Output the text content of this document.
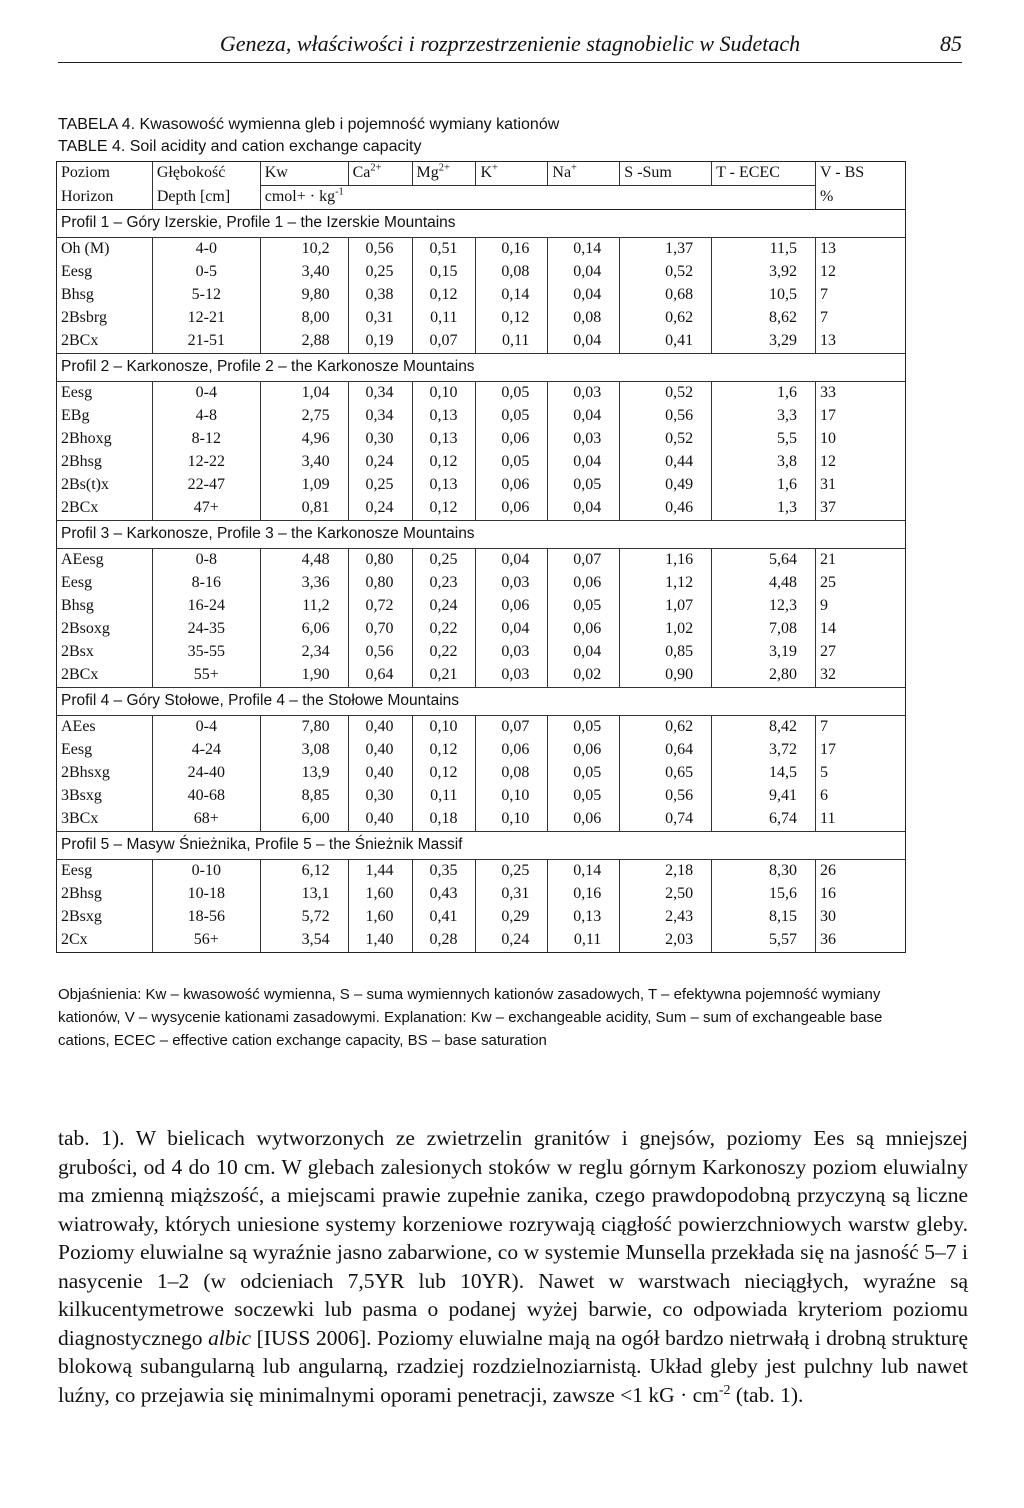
Geneza, właściwości i rozprzestrzenienie stagnobielic w Sudetach	85
TABELA 4. Kwasowość wymienna gleb i pojemność wymiany kationów
TABLE 4. Soil acidity and cation exchange capacity
Poziom	Głębokość	Kw	$Ca^{2+}$	$Mg^{2+}$	K+	Na+	S -Sum	T - ECEC	V - BS
Horizon	Depth [cm]	cmol+ · $kg^{-1}$							%
Profil 1 – Góry Izerskie, Profile 1 – the Izerskie Mountains									
Oh (M)	4-0	10,2	0,56	0,51	0,16	0,14	1,37	11,5	13
Eesg	0-5	3,40	0,25	0,15	0,08	0,04	0,52	3,92	12
Bhsg	5-12	9,80	0,38	0,12	0,14	0,04	0,68	10,5	7
2Bsbrg	12-21	8,00	0,31	0,11	0,12	0,08	0,62	8,62	7
2BCx	21-51	2,88	0,19	0,07	0,11	0,04	0,41	3,29	13
Profil 2 – Karkonosze, Profile 2 – the Karkonosze Mountains									
Eesg	0-4	1,04	0,34	0,10	0,05	0,03	0,52	1,6	33
EBg	4-8	2,75	0,34	0,13	0,05	0,04	0,56	3,3	17
2Bhoxg	8-12	4,96	0,30	0,13	0,06	0,03	0,52	5,5	10
2Bhsg	12-22	3,40	0,24	0,12	0,05	0,04	0,44	3,8	12
2Bs(t)x	22-47	1,09	0,25	0,13	0,06	0,05	0,49	1,6	31
2BCx	47+	0,81	0,24	0,12	0,06	0,04	0,46	1,3	37
Profil 3 – Karkonosze, Profile 3 – the Karkonosze Mountains									
AEesg	0-8	4,48	0,80	0,25	0,04	0,07	1,16	5,64	21
Eesg	8-16	3,36	0,80	0,23	0,03	0,06	1,12	4,48	25
Bhsg	16-24	11,2	0,72	0,24	0,06	0,05	1,07	12,3	9
2Bsoxg	24-35	6,06	0,70	0,22	0,04	0,06	1,02	7,08	14
2Bsx	35-55	2,34	0,56	0,22	0,03	0,04	0,85	3,19	27
2BCx	55+	1,90	0,64	0,21	0,03	0,02	0,90	2,80	32
Profil 4 – Góry Stołowe, Profile 4 – the Stołowe Mountains									
AEes	0-4	7,80	0,40	0,10	0,07	0,05	0,62	8,42	7
Eesg	4-24	3,08	0,40	0,12	0,06	0,06	0,64	3,72	17
2Bhsxg	24-40	13,9	0,40	0,12	0,08	0,05	0,65	14,5	5
3Bsxg	40-68	8,85	0,30	0,11	0,10	0,05	0,56	9,41	6
3BCx	68+	6,00	0,40	0,18	0,10	0,06	0,74	6,74	11
Profil 5 – Masyw Śnieżnika, Profile 5 – the Śnieżnik Massif									
Eesg	0-10	6,12	1,44	0,35	0,25	0,14	2,18	8,30	26
2Bhsg	10-18	13,1	1,60	0,43	0,31	0,16	2,50	15,6	16
2Bsxg	18-56	5,72	1,60	0,41	0,29	0,13	2,43	8,15	30
2Cx	56+	3,54	1,40	0,28	0,24	0,11	2,03	5,57	36
Objaśnienia: Kw – kwasowość wymienna, S – suma wymiennych kationów zasadowych, T – efektywna pojemność wymiany kationów, V – wysycenie kationami zasadowymi. Explanation: Kw – exchangeable acidity, Sum – sum of exchangeable base cations, ECEC – effective cation exchange capacity, BS – base saturation

tab. 1). W bielicach wytworzonych ze zwietrzelin granitów i gnejsów, poziomy Ees są mniejszej grubości, od 4 do 10 cm. W glebach zalesionych stoków w reglu górnym Karkonoszy poziom eluwialny ma zmienną miąższość, a miejscami prawie zupełnie zanika, czego prawdopodobną przyczyną są liczne wiatrowały, których uniesione systemy korzeniowe rozrywają ciągłość powierzchniowych warstw gleby. Poziomy eluwialne są wyraźnie jasno zabarwione, co w systemie Munsella przekłada się na jasność 5–7 i nasycenie 1–2 (w odcieniach 7,5YR lub 10YR). Nawet w warstwach nieciągłych, wyraźne są kilkucentymetrowe soczewki lub pasma o podanej wyżej barwie, co odpowiada kryteriom poziomu diagnostycznego albic [IUSS 2006]. Poziomy eluwialne mają na ogół bardzo nietrwałą i drobną strukturę blokową subangularną lub angularną, rzadziej rozdzielnoziarnistą. Układ gleby jest pulchny lub nawet luźny, co przejawia się minimalnymi oporami penetracji, zawsze <1 kG · $cm^{-2}$ (tab. 1).
